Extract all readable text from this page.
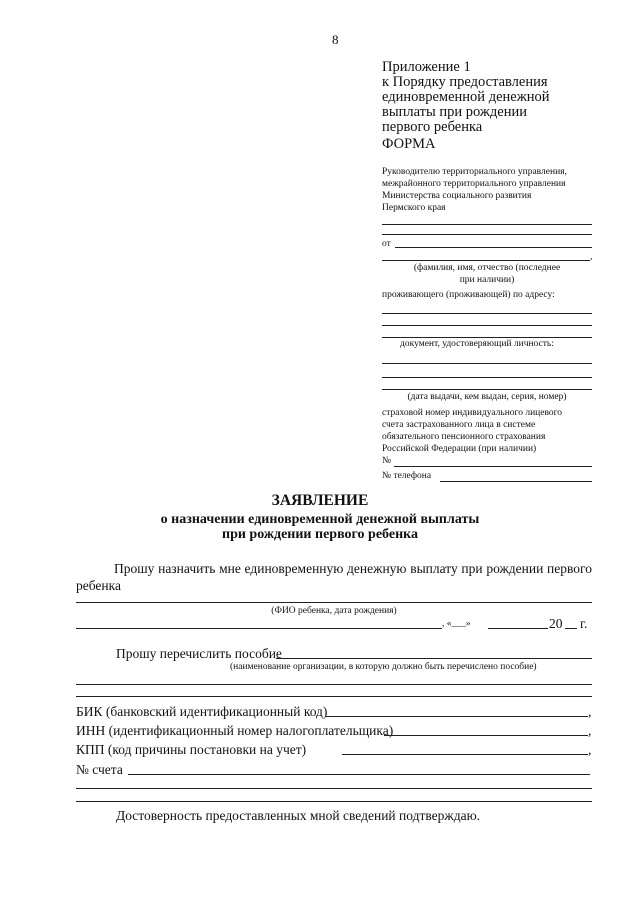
8
Приложение 1
к Порядку предоставления
единовременной денежной
выплаты при рождении
первого ребенка
ФОРМА
Руководителю территориального управления,
межрайонного территориального управления
Министерства социального развития
Пермского края
от
,
(фамилия, имя, отчество (последнее
при наличии)
проживающего (проживающей) по адресу:
документ, удостоверяющий личность:
(дата выдачи, кем выдан, серия, номер)
страховой номер индивидуального лицевого
счета застрахованного лица в системе
обязательного пенсионного страхования
Российской Федерации (при наличии)
№
№ телефона
ЗАЯВЛЕНИЕ
о назначении единовременной денежной выплаты
при рождении первого ребенка
Прошу назначить мне единовременную денежную выплату при рождении первого
ребенка
(ФИО ребенка, дата рождения)
, «___»	20 г.
Прошу перечислить пособие
(наименование организации, в которую должно быть перечислено пособие)
БИК (банковский идентификационный код)	,
ИНН (идентификационный номер налогоплательщика)	,
КПП (код причины постановки на учет)	,
№ счета
Достоверность предоставленных мной сведений подтверждаю.
